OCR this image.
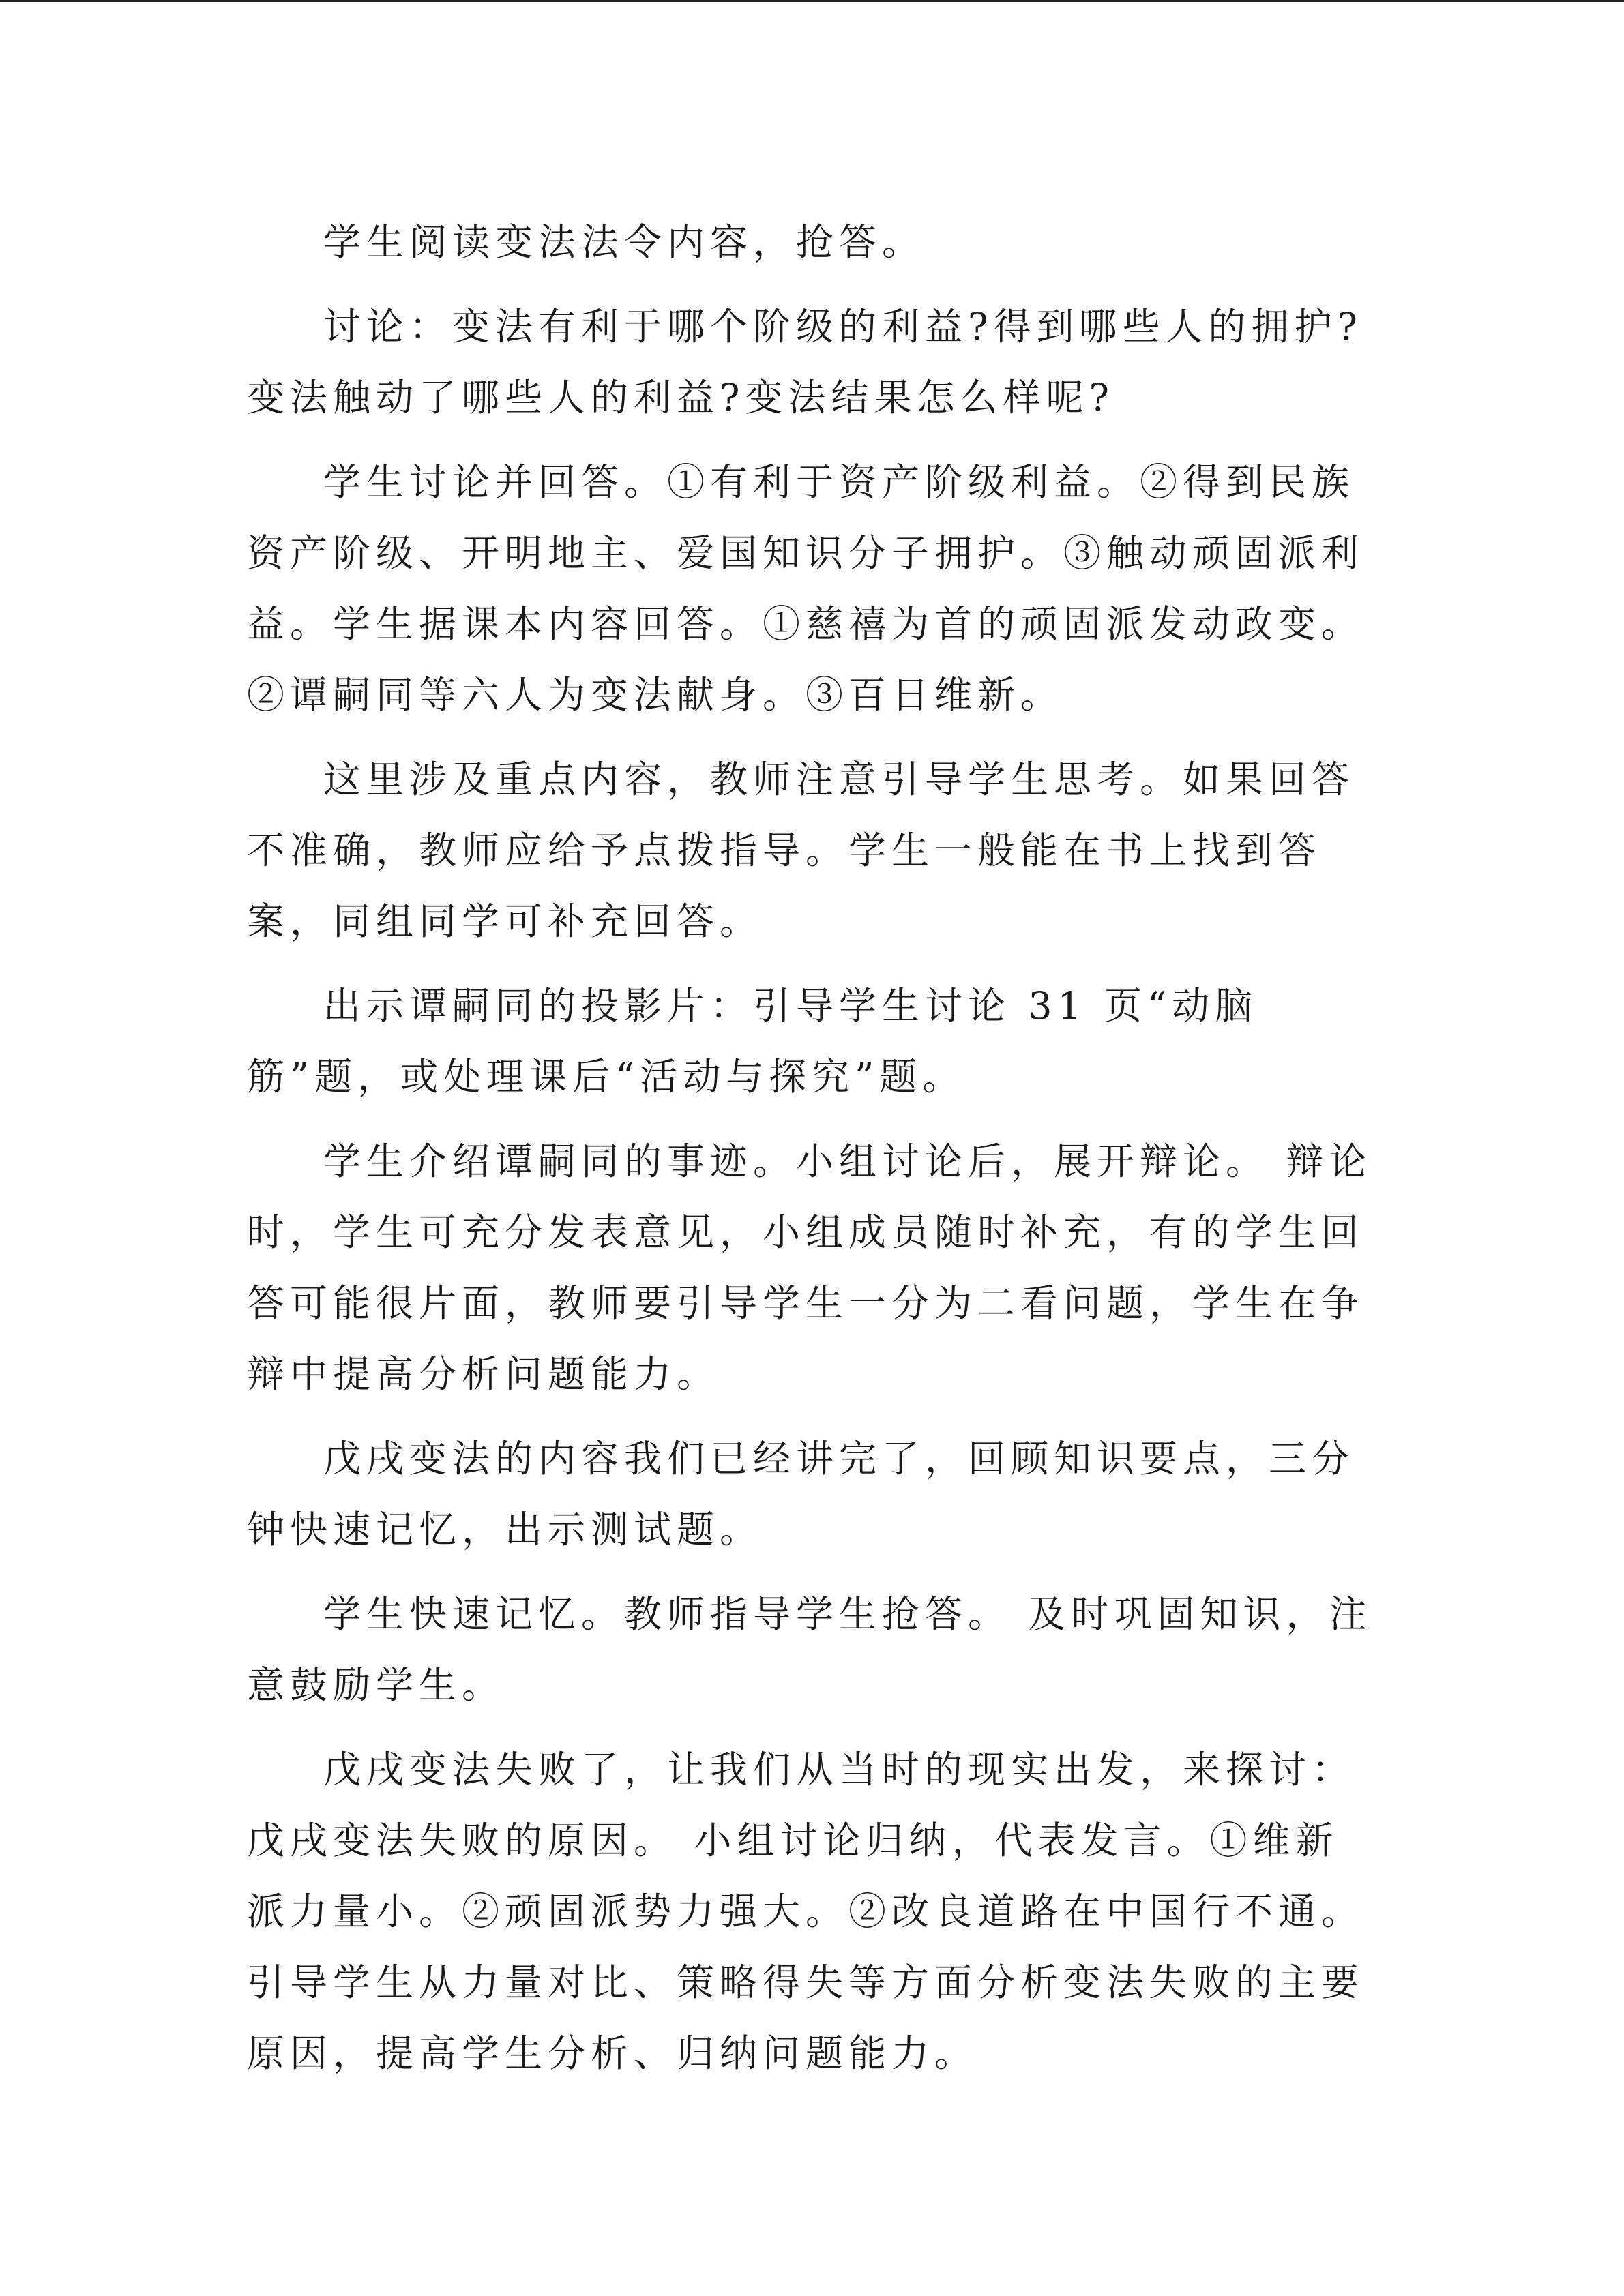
学生阅读变法法令内容，抢答。

讨论：变法有利于哪个阶级的利益?得到哪些人的拥护?变法触动了哪些人的利益?变法结果怎么样呢?

学生讨论并回答。①有利于资产阶级利益。②得到民族资产阶级、开明地主、爱国知识分子拥护。③触动顽固派利益。学生据课本内容回答。①慈禧为首的顽固派发动政变。②谭嗣同等六人为变法献身。③百日维新。

这里涉及重点内容，教师注意引导学生思考。如果回答不准确，教师应给予点拨指导。学生一般能在书上找到答案，同组同学可补充回答。

出示谭嗣同的投影片：引导学生讨论 31 页“动脑筋”题，或处理课后“活动与探究”题。

学生介绍谭嗣同的事迹。小组讨论后，展开辩论。 辩论时，学生可充分发表意见，小组成员随时补充，有的学生回答可能很片面，教师要引导学生一分为二看问题，学生在争辩中提高分析问题能力。

戊戌变法的内容我们已经讲完了，回顾知识要点，三分钟快速记忆，出示测试题。

学生快速记忆。教师指导学生抢答。 及时巩固知识，注意鼓励学生。

戊戌变法失败了，让我们从当时的现实出发，来探讨：戊戌变法失败的原因。 小组讨论归纳，代表发言。①维新派力量小。②顽固派势力强大。②改良道路在中国行不通。 引导学生从力量对比、策略得失等方面分析变法失败的主要原因，提高学生分析、归纳问题能力。
